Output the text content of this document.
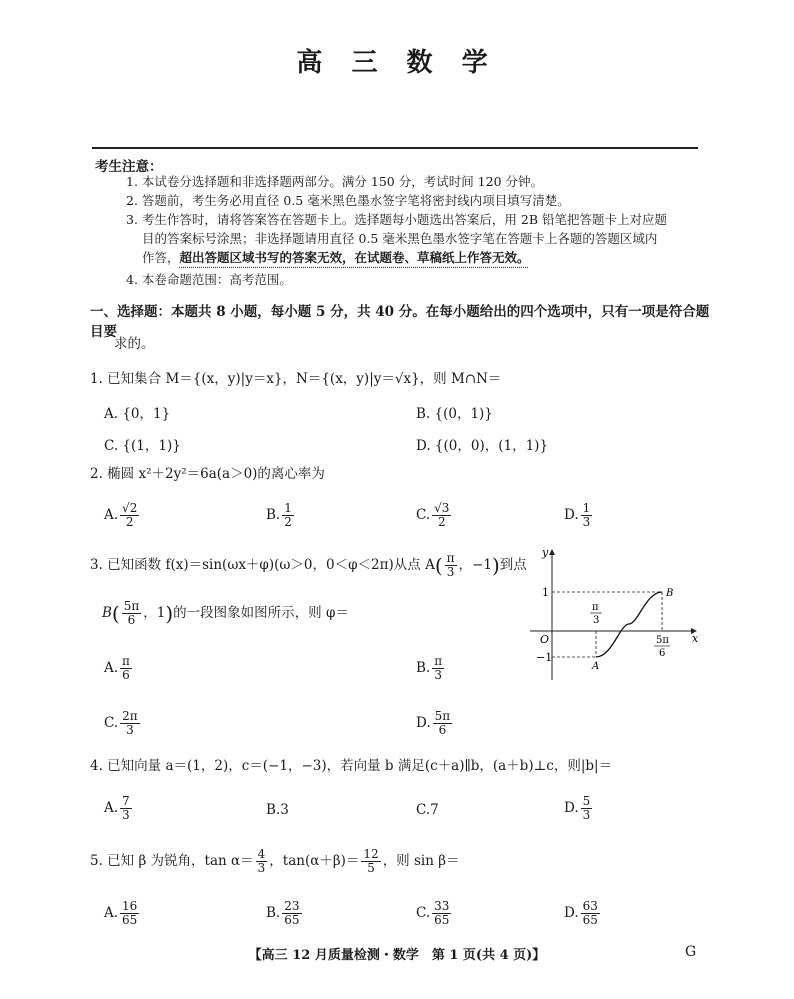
高 三 数 学
考生注意：
1. 本试卷分选择题和非选择题两部分。满分 150 分，考试时间 120 分钟。
2. 答题前，考生务必用直径 0.5 毫米黑色墨水签字笔将密封线内项目填写清楚。
3. 考生作答时，请将答案答在答题卡上。选择题每小题选出答案后，用 2B 铅笔把答题卡上对应题
目的答案标号涂黑；非选择题请用直径 0.5 毫米黑色墨水签字笔在答题卡上各题的答题区域内
作答，超出答题区域书写的答案无效，在试题卷、草稿纸上作答无效。
4. 本卷命题范围：高考范围。
一、选择题：本题共 8 小题，每小题 5 分，共 40 分。在每小题给出的四个选项中，只有一项是符合题目要
求的。
1. 已知集合 M＝{(x，y)|y＝x}，N＝{(x，y)|y＝√x}，则 M∩N＝
A. {0，1}	B. {(0，1)}
C. {(1，1)}	D. {(0，0)，(1，1)}
2. 椭圆 x²＋2y²＝6a(a＞0)的离心率为
A. $\frac{√2}{2}$	B. $\frac{1}{2}$	C. $\frac{√3}{2}$	D. $\frac{1}{3}$
3. 已知函数 f(x)＝sin(ωx＋φ)(ω＞0，0＜φ＜2π)从点 $A( \frac{\pi}{3}$ ，−1)到点
$B( \frac{5\pi}{6}$ ，1)的一段图象如图所示，则 φ＝
A. $\frac{\pi}{6}$	B. $\frac{\pi}{3}$
C. $\frac{2\pi}{3}$	D. $\frac{5\pi}{6}$
y
x
O
1
−1
π
3
5π
6
A
B
4. 已知向量 a＝(1，2)，c＝(−1，−3)，若向量 b 满足(c＋a)∥b，(a＋b)⊥c，则|b|＝
A. $\frac{7}{3}$	B.3	C.7	D. $\frac{5}{3}$
5. 已知 β 为锐角，$\tan \alpha= \frac{4}{3}$ ，$\tan(\alpha+\beta)= \frac{12}{5}$ ，则 sin β＝
A. $\frac{16}{65}$	B. $\frac{23}{65}$	C. $\frac{33}{65}$	D. $\frac{63}{65}$
【高三 12 月质量检测・数学　第 1 页(共 4 页)】	G
